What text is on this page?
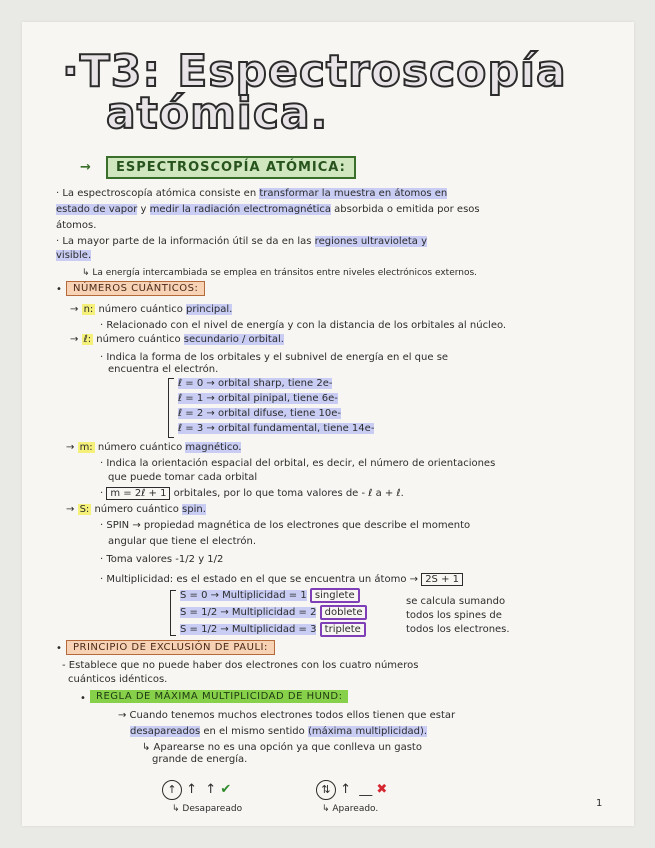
·T3: Espectroscopía
atómica.
→	ESPECTROSCOPÍA ATÓMICA:
· La espectroscopía atómica consiste en transformar la muestra en átomos en
estado de vapor y medir la radiación electromagnética absorbida o emitida por esos
átomos.
· La mayor parte de la información útil se da en las regiones ultravioleta y
visible.
↳ La energía intercambiada se emplea en tránsitos entre niveles electrónicos externos.
•	NÚMEROS CUÁNTICOS:
→ n: número cuántico principal.
· Relacionado con el nivel de energía y con la distancia de los orbitales al núcleo.
→ ℓ: número cuántico secundario / orbital.
· Indica la forma de los orbitales y el subnivel de energía en el que se
encuentra el electrón.
ℓ = 0 → orbital sharp, tiene 2e-
ℓ = 1 → orbital pinipal, tiene 6e-
ℓ = 2 → orbital difuse, tiene 10e-
ℓ = 3 → orbital fundamental, tiene 14e-
→ m: número cuántico magnético.
· Indica la orientación espacial del orbital, es decir, el número de orientaciones
que puede tomar cada orbital
· m = 2ℓ + 1 orbitales, por lo que toma valores de - ℓ a + ℓ.
→ S: número cuántico spin.
· SPIN → propiedad magnética de los electrones que describe el momento
angular que tiene el electrón.
· Toma valores -1/2 y 1/2
· Multiplicidad: es el estado en el que se encuentra un átomo → 2S + 1
S = 0 → Multiplicidad = 1 singlete
S = 1/2 → Multiplicidad = 2 doblete
S = 1/2 → Multiplicidad = 3 triplete
se calcula sumando
todos los spines de
todos los electrones.
•	PRINCIPIO DE EXCLUSIÓN DE PAULI:
- Establece que no puede haber dos electrones con los cuatro números
cuánticos idénticos.
•	REGLA DE MÁXIMA MULTIPLICIDAD DE HUND:
→ Cuando tenemos muchos electrones todos ellos tienen que estar
desapareados en el mismo sentido (máxima multiplicidad).
↳ Aparearse no es una opción ya que conlleva un gasto
grande de energía.
↑ ↑  ↑ ✔
↳ Desapareado
⇅ ↑  __ ✖
↳ Apareado.	1
